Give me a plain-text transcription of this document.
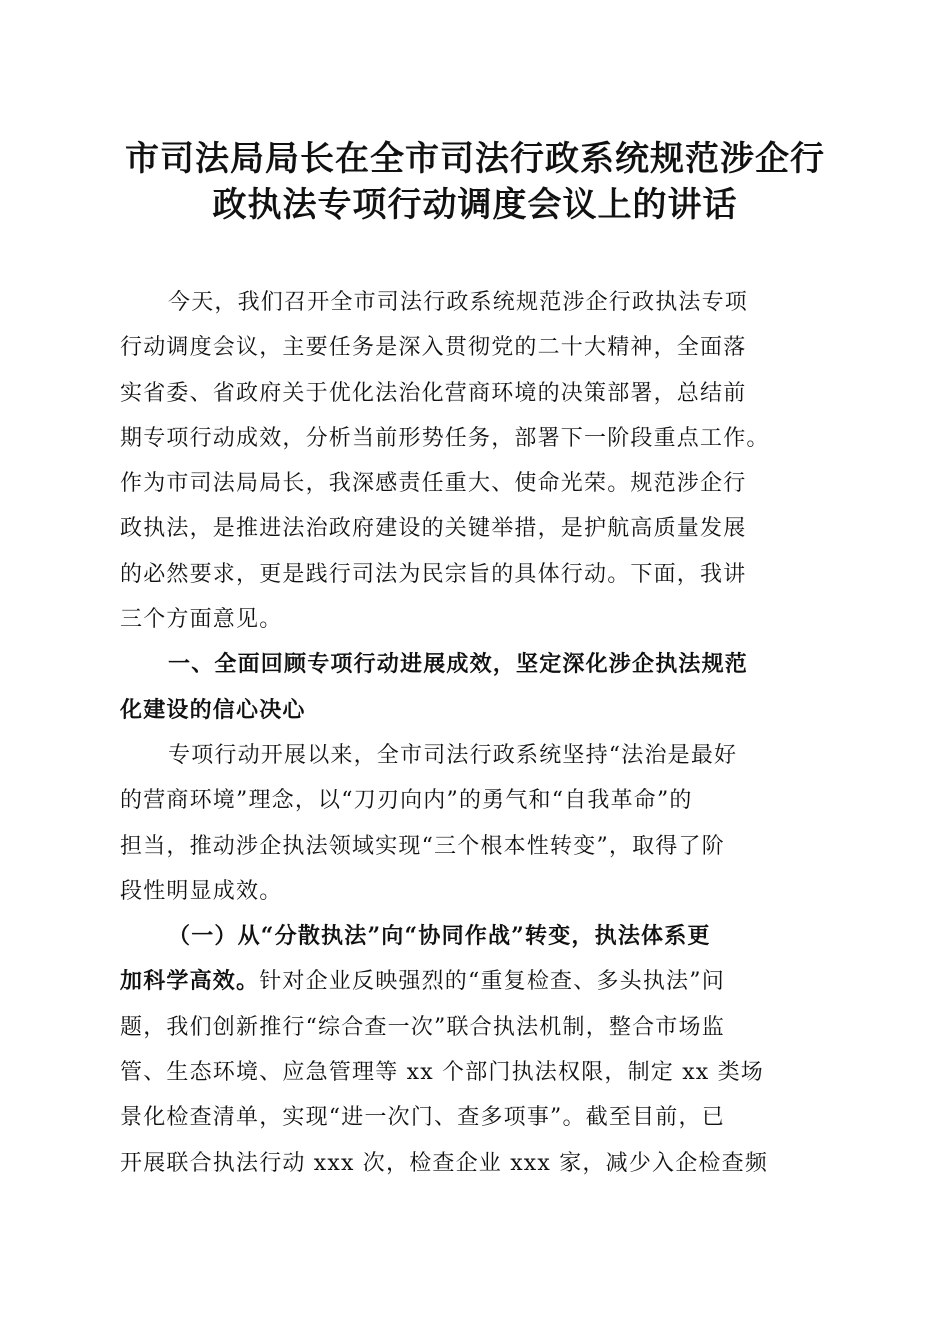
市司法局局长在全市司法行政系统规范涉企行
政执法专项行动调度会议上的讲话
今天，我们召开全市司法行政系统规范涉企行政执法专项
行动调度会议，主要任务是深入贯彻党的二十大精神，全面落
实省委、省政府关于优化法治化营商环境的决策部署，总结前
期专项行动成效，分析当前形势任务，部署下一阶段重点工作。
作为市司法局局长，我深感责任重大、使命光荣。规范涉企行
政执法，是推进法治政府建设的关键举措，是护航高质量发展
的必然要求，更是践行司法为民宗旨的具体行动。下面，我讲
三个方面意见。
一、全面回顾专项行动进展成效，坚定深化涉企执法规范
化建设的信心决心
专项行动开展以来，全市司法行政系统坚持“法治是最好
的营商环境”理念，以“刀刃向内”的勇气和“自我革命”的
担当，推动涉企执法领域实现“三个根本性转变”，取得了阶
段性明显成效。
（一）从“分散执法”向“协同作战”转变，执法体系更
加科学高效。针对企业反映强烈的“重复检查、多头执法”问
题，我们创新推行“综合查一次”联合执法机制，整合市场监
管、生态环境、应急管理等 xx 个部门执法权限，制定 xx 类场
景化检查清单，实现“进一次门、查多项事”。截至目前，已
开展联合执法行动 xxx 次，检查企业 xxx 家，减少入企检查频
